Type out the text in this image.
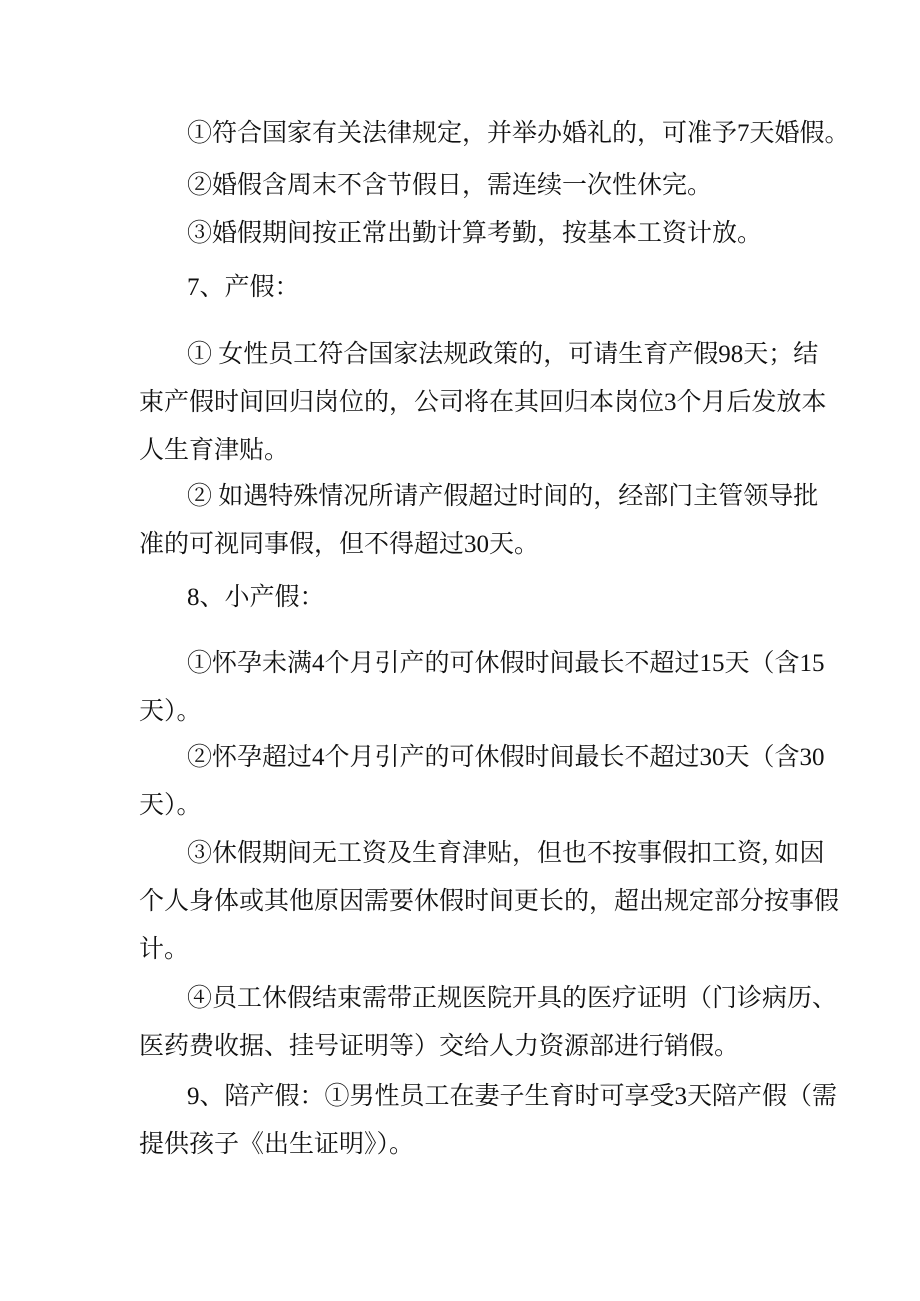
①符合国家有关法律规定，并举办婚礼的，可准予7天婚假。

②婚假含周末不含节假日，需连续一次性休完。

③婚假期间按正常出勤计算考勤，按基本工资计放。

7、产假：

① 女性员工符合国家法规政策的，可请生育产假98天；结
束产假时间回归岗位的，公司将在其回归本岗位3个月后发放本
人生育津贴。

② 如遇特殊情况所请产假超过时间的，经部门主管领导批
准的可视同事假，但不得超过30天。

8、小产假：

①怀孕未满4个月引产的可休假时间最长不超过15天（含15
天）。

②怀孕超过4个月引产的可休假时间最长不超过30天（含30
天）。

③休假期间无工资及生育津贴，但也不按事假扣工资, 如因
个人身体或其他原因需要休假时间更长的，超出规定部分按事假
计。

④员工休假结束需带正规医院开具的医疗证明（门诊病历、
医药费收据、挂号证明等）交给人力资源部进行销假。

9、陪产假：①男性员工在妻子生育时可享受3天陪产假（需
提供孩子《出生证明》）。
